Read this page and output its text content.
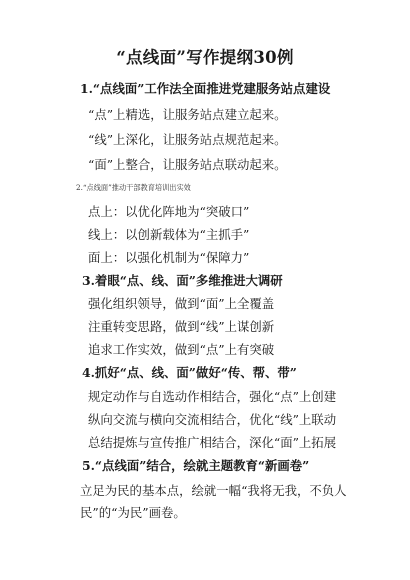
“点线面”写作提纲30例
1.“点线面”工作法全面推进党建服务站点建设
“点”上精选，让服务站点建立起来。
“线”上深化，让服务站点规范起来。
“面”上整合，让服务站点联动起来。
2.“点线面”推动干部教育培训出实效
点上：以优化阵地为“突破口”
线上：以创新载体为“主抓手”
面上：以强化机制为“保障力”
3.着眼“点、线、面”多维推进大调研
强化组织领导，做到“面”上全覆盖
注重转变思路，做到“线”上谋创新
追求工作实效，做到“点”上有突破
4.抓好“点、线、面”做好“传、帮、带”
规定动作与自选动作相结合，强化“点”上创建
纵向交流与横向交流相结合，优化“线”上联动
总结提炼与宣传推广相结合，深化“面”上拓展
5.“点线面”结合，绘就主题教育“新画卷”
立足为民的基本点，绘就一幅“我将无我，不负人民”的“为民”画卷。
